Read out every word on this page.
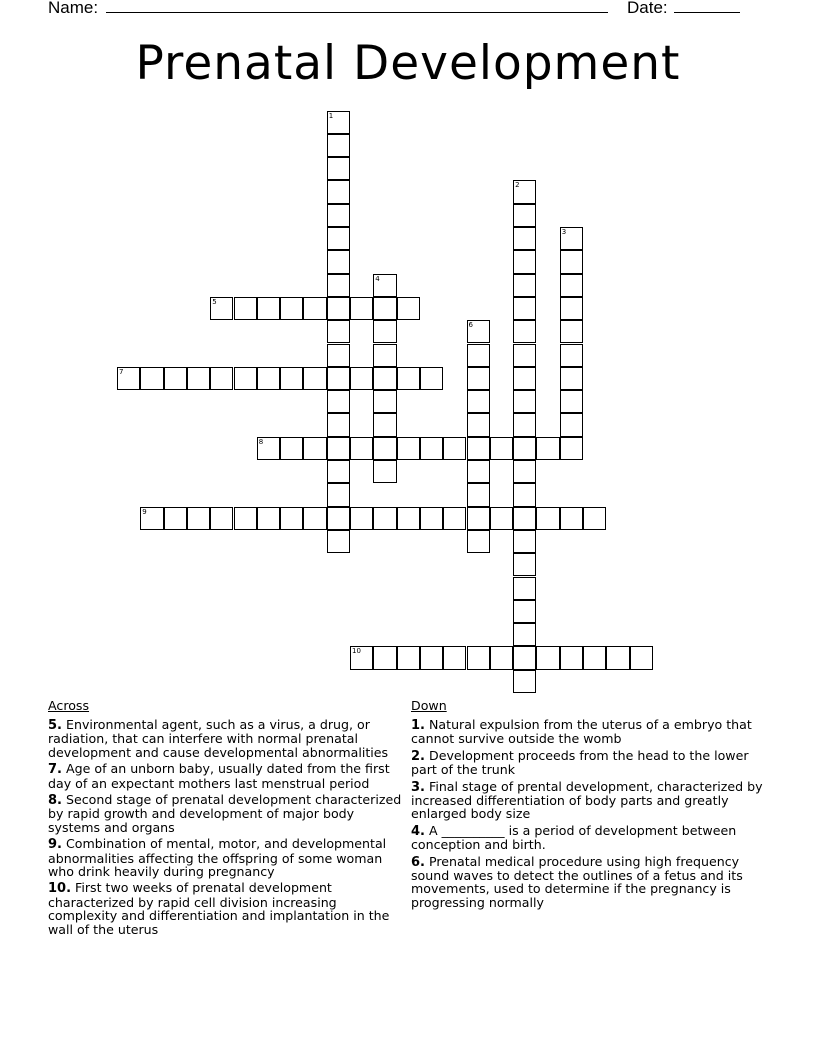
Name:	Date:
Prenatal Development
1
2
3
4
5
6
7
8
9
10
Across
5. Environmental agent, such as a virus, a drug, or radiation, that can interfere with normal prenatal development and cause developmental abnormalities
7. Age of an unborn baby, usually dated from the first day of an expectant mothers last menstrual period
8. Second stage of prenatal development characterized by rapid growth and development of major body systems and organs
9. Combination of mental, motor, and developmental abnormalities affecting the offspring of some woman who drink heavily during pregnancy
10. First two weeks of prenatal development characterized by rapid cell division increasing complexity and differentiation and implantation in the wall of the uterus
Down
1. Natural expulsion from the uterus of a embryo that cannot survive outside the womb
2. Development proceeds from the head to the lower part of the trunk
3. Final stage of prental development, characterized by increased differentiation of body parts and greatly enlarged body size
4. A __________ is a period of development between conception and birth.
6. Prenatal medical procedure using high frequency sound waves to detect the outlines of a fetus and its movements, used to determine if the pregnancy is progressing normally
